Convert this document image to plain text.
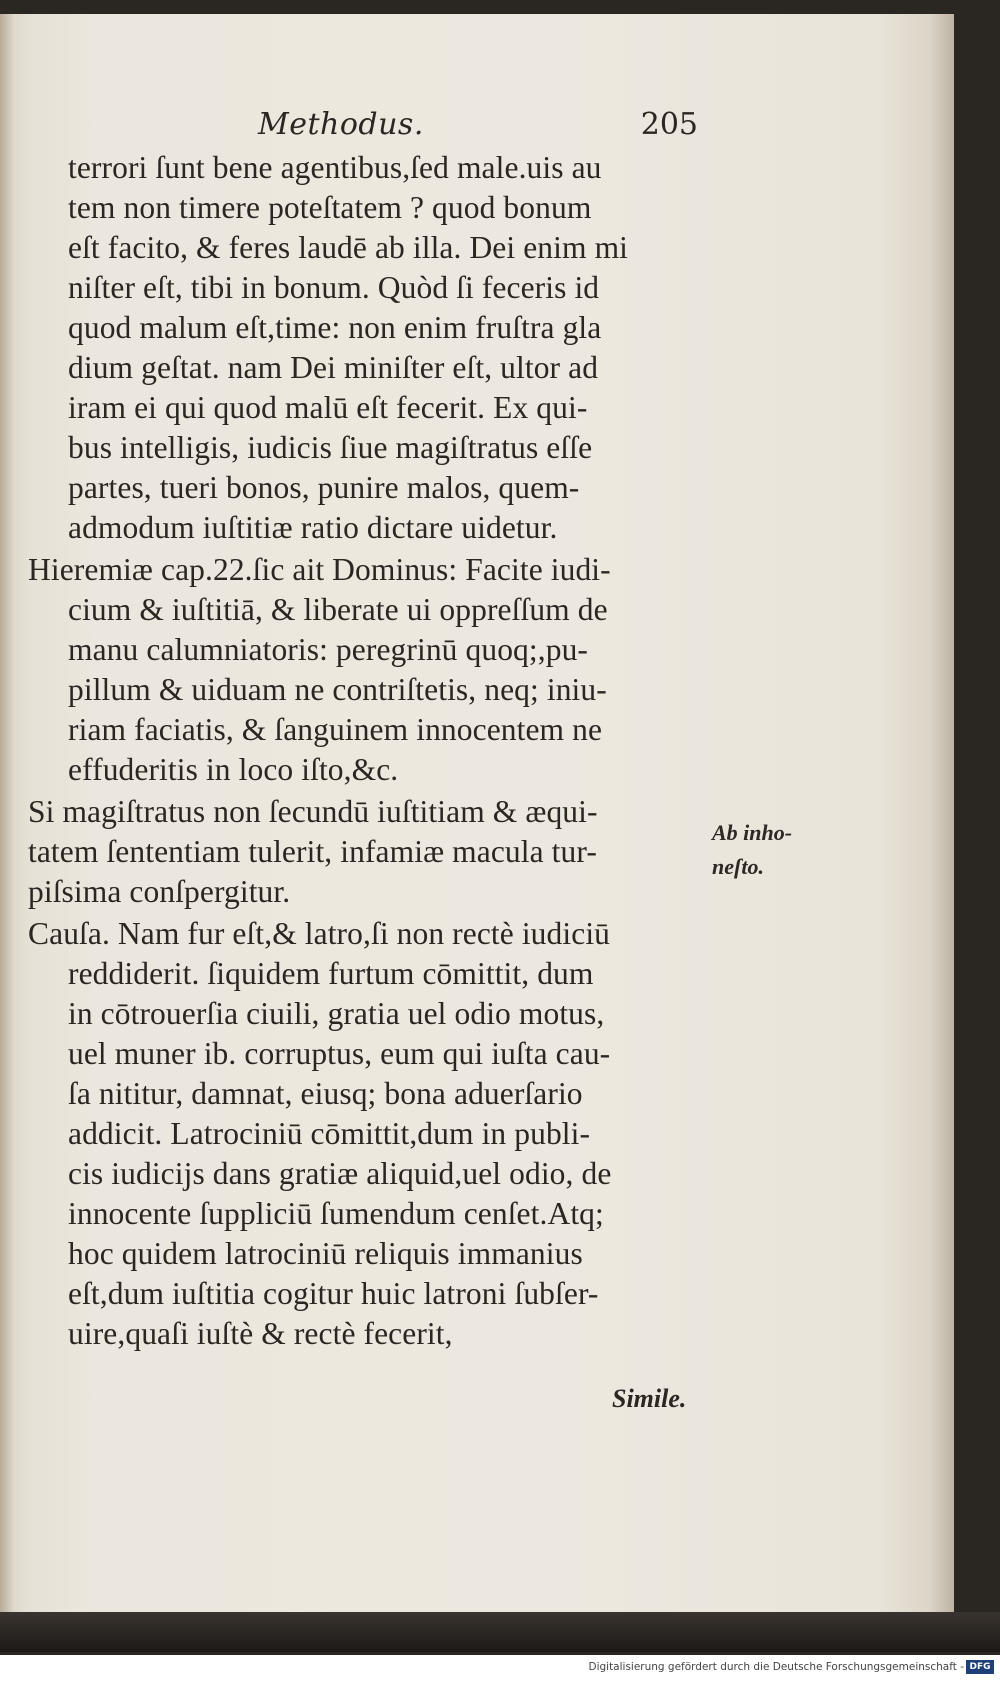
Methodus.	205
terrori ſunt bene agentibus,ſed male.uis au
tem non timere poteſtatem ? quod bonum
eſt facito, & feres laudē ab illa. Dei enim mi
niſter eſt, tibi in bonum. Quòd ſi feceris id
quod malum eſt,time: non enim fruſtra gla
dium geſtat. nam Dei miniſter eſt, ultor ad
iram ei qui quod malū eſt fecerit. Ex qui-
bus intelligis, iudicis ſiue magiſtratus eſſe
partes, tueri bonos, punire malos, quem-
admodum iuſtitiæ ratio dictare uidetur.
Hieremiæ cap.22.ſic ait Dominus: Facite iudi-
cium & iuſtitiā, & liberate ui oppreſſum de
manu calumniatoris: peregrinū quoq;,pu-
pillum & uiduam ne contriſtetis, neq; iniu-
riam faciatis, & ſanguinem innocentem ne
effuderitis in loco iſto,&c.
Si magiſtratus non ſecundū iuſtitiam & æqui-
tatem ſententiam tulerit, infamiæ macula tur-
piſsima conſpergitur.
Cauſa. Nam fur eſt,& latro,ſi non rectè iudiciū
reddiderit. ſiquidem furtum cōmittit, dum
in cōtrouerſia ciuili, gratia uel odio motus,
uel muner ib. corruptus, eum qui iuſta cau-
ſa nititur, damnat, eiusq; bona aduerſario
addicit. Latrociniū cōmittit,dum in publi-
cis iudicijs dans gratiæ aliquid,uel odio, de
innocente ſuppliciū ſumendum cenſet.Atq;
hoc quidem latrociniū reliquis immanius
eſt,dum iuſtitia cogitur huic latroni ſubſer-
uire,quaſi iuſtè & rectè fecerit,
Ab inho-
neſto.
Simile.
Digitalisierung gefördert durch die Deutsche Forschungsgemeinschaft - DFG
